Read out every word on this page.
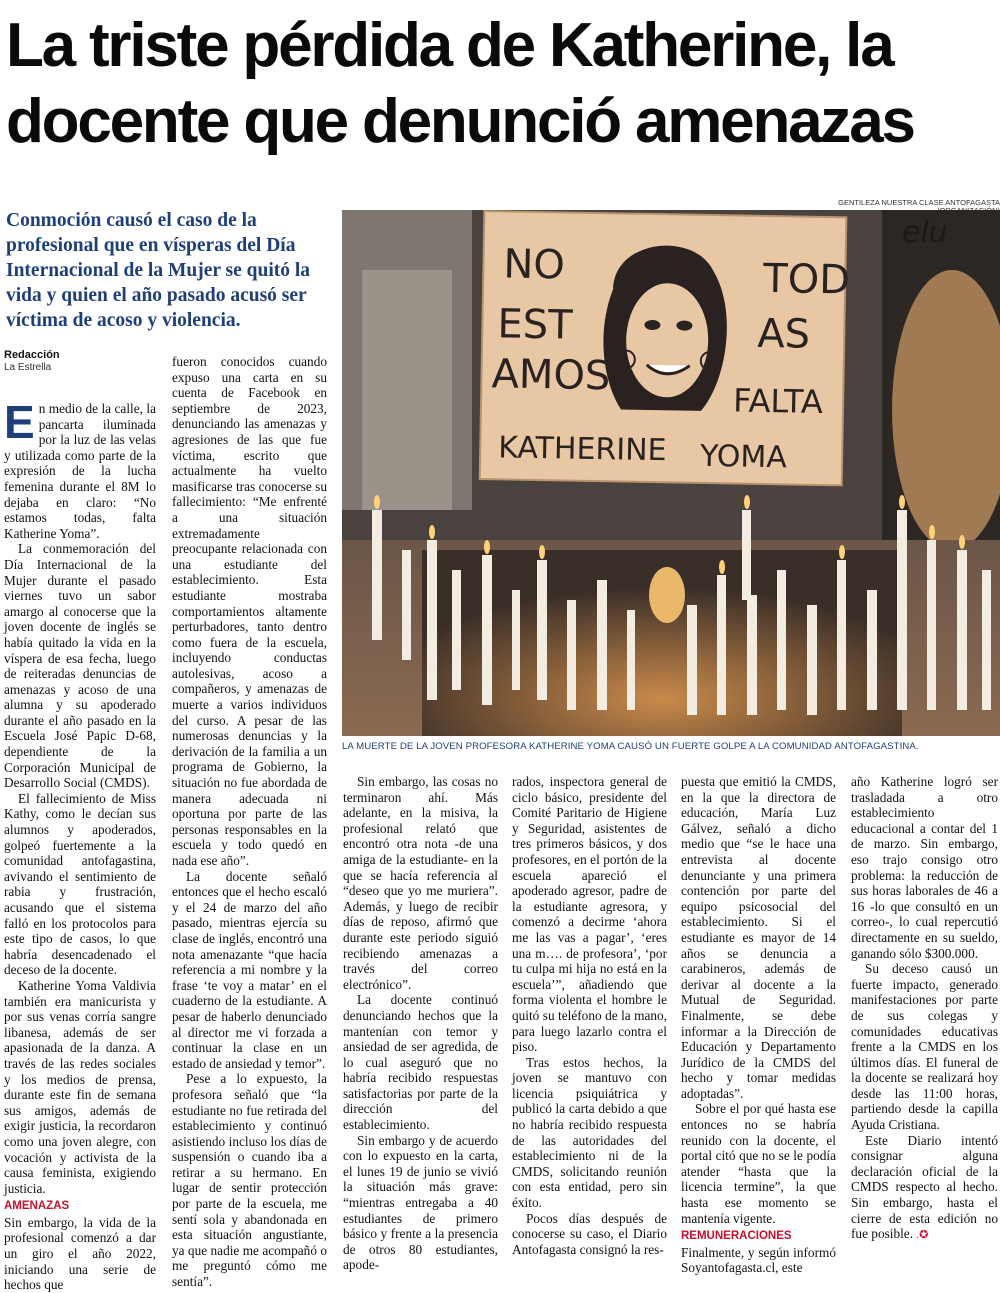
La triste pérdida de Katherine, la
docente que denunció amenazas
Conmoción causó el caso de la profesional que en vísperas del Día Internacional de la Mujer se quitó la vida y quien el año pasado acusó ser víctima de acoso y violencia.
GENTILEZA NUESTRA CLASE ANTOFAGASTA
elu
NO
EST
AMOS
TOD
AS
FALTA
KATHERINE YOMA
LA MUERTE DE LA JOVEN PROFESORA KATHERINE YOMA CAUSÓ UN FUERTE GOLPE A LA COMUNIDAD ANTOFAGASTINA.
Redacción
La Estrella

En medio de la calle, la pancarta iluminada por la luz de las velas y utilizada como parte de la expresión de la lucha femenina durante el 8M lo dejaba en claro: “No estamos todas, falta Katherine Yoma”.

La conmemoración del Día Internacional de la Mujer durante el pasado viernes tuvo un sabor amargo al conocerse que la joven docente de inglés se había quitado la vida en la víspera de esa fecha, luego de reiteradas denuncias de amenazas y acoso de una alumna y su apoderado durante el año pasado en la Escuela José Papic D-68, dependiente de la Corporación Municipal de Desarrollo Social (CMDS).

El fallecimiento de Miss Kathy, como le decían sus alumnos y apoderados, golpeó fuertemente a la comunidad antofagastina, avivando el sentimiento de rabia y frustración, acusando que el sistema falló en los protocolos para este tipo de casos, lo que habría desencadenado el deceso de la docente.

Katherine Yoma Valdivia también era manicurista y por sus venas corría sangre libanesa, además de ser apasionada de la danza. A través de las redes sociales y los medios de prensa, durante este fin de semana sus amigos, además de exigir justicia, la recordaron como una joven alegre, con vocación y activista de la causa feminista, exigiendo justicia.

AMENAZAS

Sin embargo, la vida de la profesional comenzó a dar un giro el año 2022, iniciando una serie de hechos que

fueron conocidos cuando expuso una carta en su cuenta de Facebook en septiembre de 2023, denunciando las amenazas y agresiones de las que fue víctima, escrito que actualmente ha vuelto masificarse tras conocerse su fallecimiento: “Me enfrenté a una situación extremadamente preocupante relacionada con una estudiante del establecimiento. Esta estudiante mostraba comportamientos altamente perturbadores, tanto dentro como fuera de la escuela, incluyendo conductas autolesivas, acoso a compañeros, y amenazas de muerte a varios individuos del curso. A pesar de las numerosas denuncias y la derivación de la familia a un programa de Gobierno, la situación no fue abordada de manera adecuada ni oportuna por parte de las personas responsables en la escuela y todo quedó en nada ese año”.

La docente señaló entonces que el hecho escaló y el 24 de marzo del año pasado, mientras ejercía su clase de inglés, encontró una nota amenazante “que hacía referencia a mi nombre y la frase ‘te voy a matar’ en el cuaderno de la estudiante. A pesar de haberlo denunciado al director me vi forzada a continuar la clase en un estado de ansiedad y temor”.

Pese a lo expuesto, la profesora señaló que “la estudiante no fue retirada del establecimiento y continuó asistiendo incluso los días de suspensión o cuando iba a retirar a su hermano. En lugar de sentir protección por parte de la escuela, me sentí sola y abandonada en esta situación angustiante, ya que nadie me acompañó o me preguntó cómo me sentía”.

Sin embargo, las cosas no terminaron ahí. Más adelante, en la misiva, la profesional relató que encontró otra nota -de una amiga de la estudiante- en la que se hacía referencia al “deseo que yo me muriera”. Además, y luego de recibir días de reposo, afirmó que durante este periodo siguió recibiendo amenazas a través del correo electrónico”.

La docente continuó denunciando hechos que la mantenían con temor y ansiedad de ser agredida, de lo cual aseguró que no habría recibido respuestas satisfactorias por parte de la dirección del establecimiento.

Sin embargo y de acuerdo con lo expuesto en la carta, el lunes 19 de junio se vivió la situación más grave: “mientras entregaba a 40 estudiantes de primero básico y frente a la presencia de otros 80 estudiantes, apode-

rados, inspectora general de ciclo básico, presidente del Comité Paritario de Higiene y Seguridad, asistentes de tres primeros básicos, y dos profesores, en el portón de la escuela apareció el apoderado agresor, padre de la estudiante agresora, y comenzó a decirme ‘ahora me las vas a pagar’, ‘eres una m…. de profesora’, ‘por tu culpa mi hija no está en la escuela’”, añadiendo que forma violenta el hombre le quitó su teléfono de la mano, para luego lazarlo contra el piso.

Tras estos hechos, la joven se mantuvo con licencia psiquiátrica y publicó la carta debido a que no habría recibido respuesta de las autoridades del establecimiento ni de la CMDS, solicitando reunión con esta entidad, pero sin éxito.

Pocos días después de conocerse su caso, el Diario Antofagasta consignó la res-

puesta que emitió la CMDS, en la que la directora de educación, María Luz Gálvez, señaló a dicho medio que “se le hace una entrevista al docente denunciante y una primera contención por parte del equipo psicosocial del establecimiento. Si el estudiante es mayor de 14 años se denuncia a carabineros, además de derivar al docente a la Mutual de Seguridad. Finalmente, se debe informar a la Dirección de Educación y Departamento Jurídico de la CMDS del hecho y tomar medidas adoptadas”.

Sobre el por qué hasta ese entonces no se habría reunido con la docente, el portal citó que no se le podía atender “hasta que la licencia termine”, la que hasta ese momento se mantenía vigente.

REMUNERACIONES

Finalmente, y según informó Soyantofagasta.cl, este

año Katherine logró ser trasladada a otro establecimiento educacional a contar del 1 de marzo. Sin embargo, eso trajo consigo otro problema: la reducción de sus horas laborales de 46 a 16 -lo que consultó en un correo-, lo cual repercutió directamente en su sueldo, ganando sólo $300.000.

Su deceso causó un fuerte impacto, generado manifestaciones por parte de sus colegas y comunidades educativas frente a la CMDS en los últimos días. El funeral de la docente se realizará hoy desde las 11:00 horas, partiendo desde la capilla Ayuda Cristiana.

Este Diario intentó consignar alguna declaración oficial de la CMDS respecto al hecho. Sin embargo, hasta el cierre de esta edición no fue posible. .✪
